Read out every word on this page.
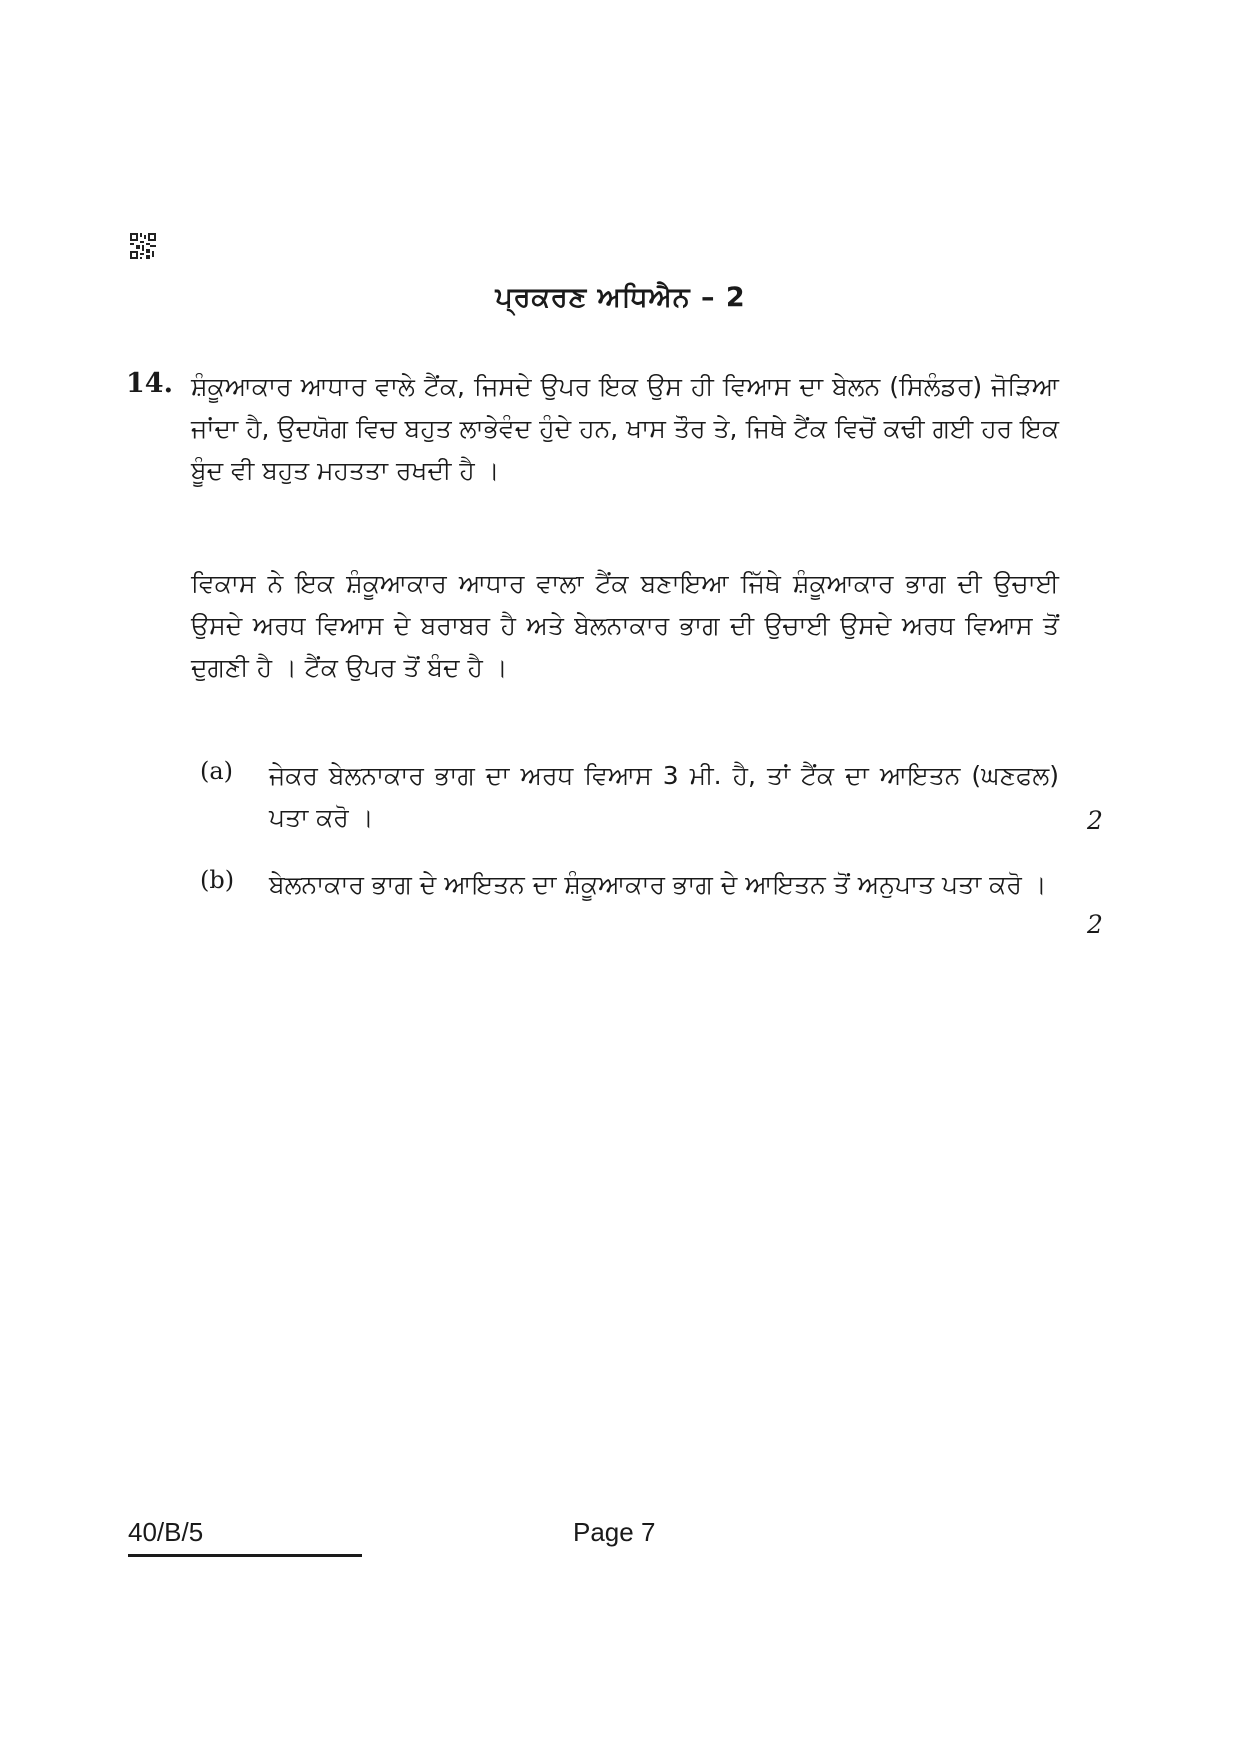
ਪ੍ਰਕਰਣ ਅਧਿਐਨ – 2
14. ਸ਼ੰਕੂਆਕਾਰ ਆਧਾਰ ਵਾਲੇ ਟੈਂਕ, ਜਿਸਦੇ ਉਪਰ ਇਕ ਉਸ ਹੀ ਵਿਆਸ ਦਾ ਬੇਲਨ (ਸਿਲੰਡਰ) ਜੋੜਿਆ ਜਾਂਦਾ ਹੈ, ਉਦਯੋਗ ਵਿਚ ਬਹੁਤ ਲਾਭੇਵੰਦ ਹੁੰਦੇ ਹਨ, ਖਾਸ ਤੌਰ ਤੇ, ਜਿਥੇ ਟੈਂਕ ਵਿਚੋਂ ਕਢੀ ਗਈ ਹਰ ਇਕ ਬੂੰਦ ਵੀ ਬਹੁਤ ਮਹਤਤਾ ਰਖਦੀ ਹੈ ।

ਵਿਕਾਸ ਨੇ ਇਕ ਸ਼ੰਕੂਆਕਾਰ ਆਧਾਰ ਵਾਲਾ ਟੈਂਕ ਬਣਾਇਆ ਜਿੱਥੇ ਸ਼ੰਕੂਆਕਾਰ ਭਾਗ ਦੀ ਉਚਾਈ ਉਸਦੇ ਅਰਧ ਵਿਆਸ ਦੇ ਬਰਾਬਰ ਹੈ ਅਤੇ ਬੇਲਨਾਕਾਰ ਭਾਗ ਦੀ ਉਚਾਈ ਉਸਦੇ ਅਰਧ ਵਿਆਸ ਤੋਂ ਦੁਗਣੀ ਹੈ । ਟੈਂਕ ਉਪਰ ਤੋਂ ਬੰਦ ਹੈ ।

(a) ਜੇਕਰ ਬੇਲਨਾਕਾਰ ਭਾਗ ਦਾ ਅਰਧ ਵਿਆਸ 3 ਮੀ. ਹੈ, ਤਾਂ ਟੈਂਕ ਦਾ ਆਇਤਨ (ਘਣਫਲ) ਪਤਾ ਕਰੋ ।	2
(b) ਬੇਲਨਾਕਾਰ ਭਾਗ ਦੇ ਆਇਤਨ ਦਾ ਸ਼ੰਕੂਆਕਾਰ ਭਾਗ ਦੇ ਆਇਤਨ ਤੋਂ ਅਨੁਪਾਤ ਪਤਾ ਕਰੋ ।

2
40/B/5	Page 7
